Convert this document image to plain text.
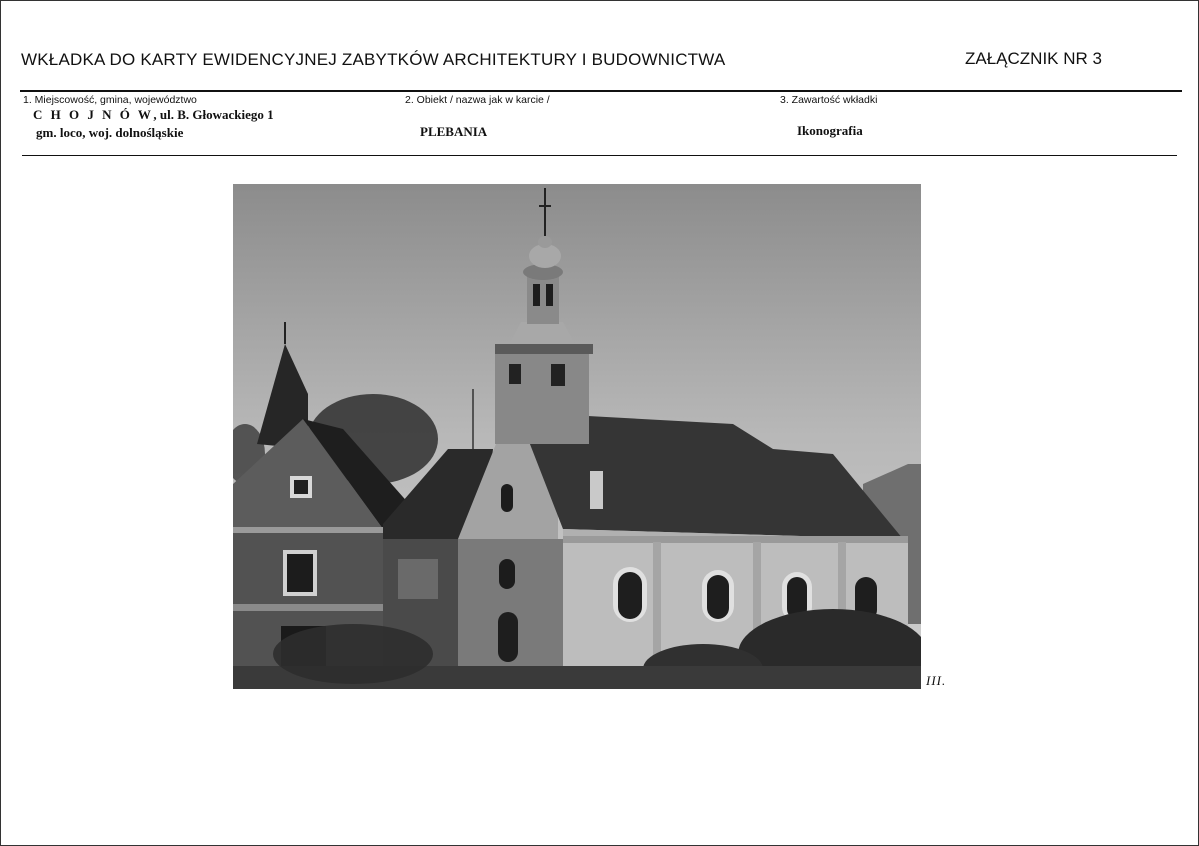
WKŁADKA DO KARTY EWIDENCYJNEJ ZABYTKÓW ARCHITEKTURY I BUDOWNICTWA	ZAŁĄCZNIK NR 3
1. Miejscowość, gmina, województwo	2. Obiekt / nazwa jak w karcie /	3. Zawartość wkładki
C H O J N Ó W, ul. B. Głowackiego 1
gm. loco, woj. dolnośląskie	PLEBANIA	Ikonografia
III.
